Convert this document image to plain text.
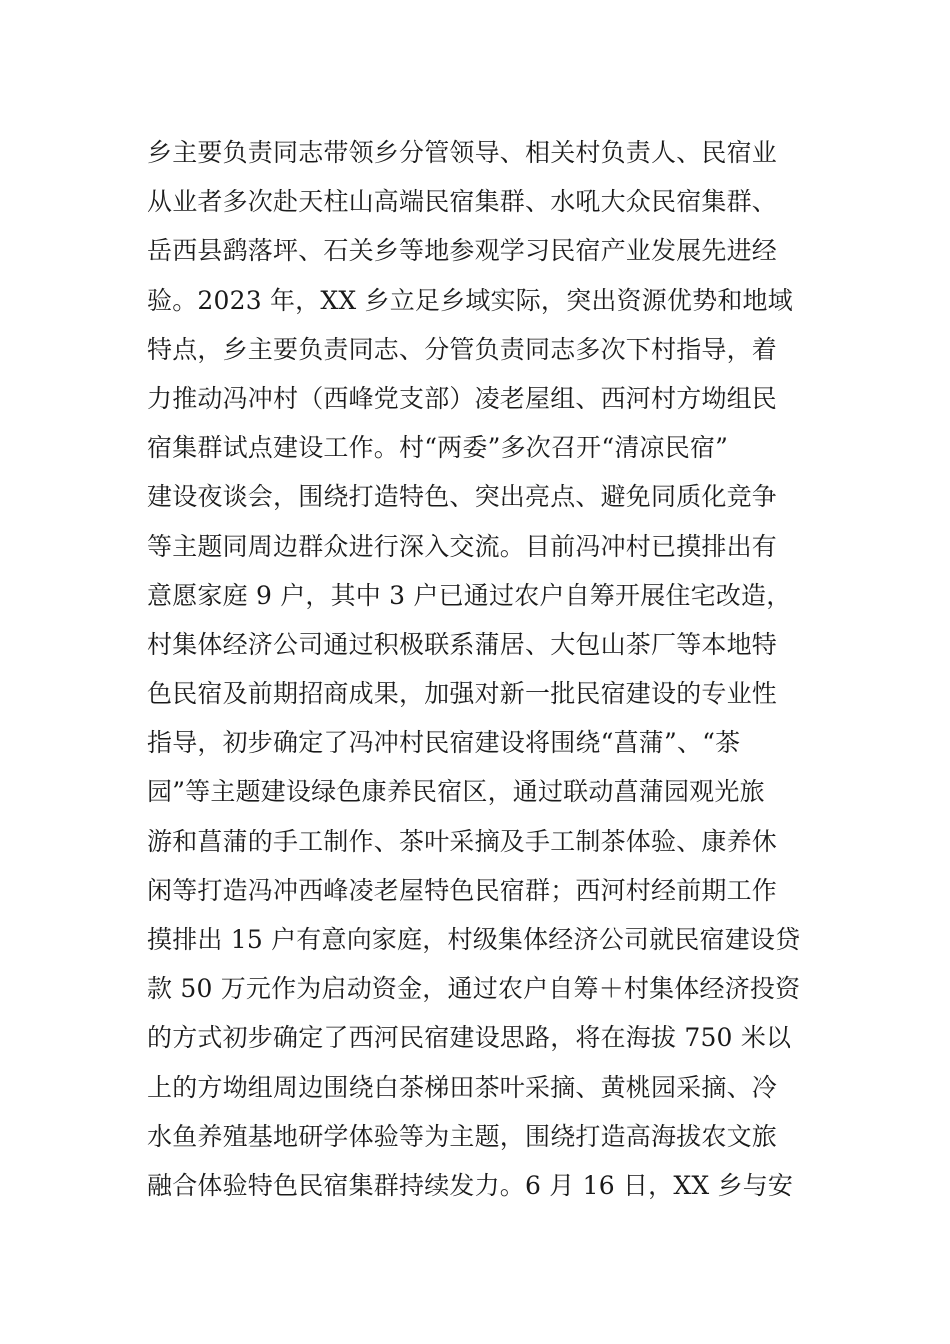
乡主要负责同志带领乡分管领导、相关村负责人、民宿业
从业者多次赴天柱山高端民宿集群、水吼大众民宿集群、
岳西县鹞落坪、石关乡等地参观学习民宿产业发展先进经
验。2023 年，XX 乡立足乡域实际，突出资源优势和地域
特点，乡主要负责同志、分管负责同志多次下村指导，着
力推动冯冲村（西峰党支部）凌老屋组、西河村方坳组民
宿集群试点建设工作。村“两委”多次召开“清凉民宿”
建设夜谈会，围绕打造特色、突出亮点、避免同质化竞争
等主题同周边群众进行深入交流。目前冯冲村已摸排出有
意愿家庭 9 户，其中 3 户已通过农户自筹开展住宅改造，
村集体经济公司通过积极联系蒲居、大包山茶厂等本地特
色民宿及前期招商成果，加强对新一批民宿建设的专业性
指导，初步确定了冯冲村民宿建设将围绕“菖蒲”、“茶
园”等主题建设绿色康养民宿区，通过联动菖蒲园观光旅
游和菖蒲的手工制作、茶叶采摘及手工制茶体验、康养休
闲等打造冯冲西峰凌老屋特色民宿群；西河村经前期工作
摸排出 15 户有意向家庭，村级集体经济公司就民宿建设贷
款 50 万元作为启动资金，通过农户自筹＋村集体经济投资
的方式初步确定了西河民宿建设思路，将在海拔 750 米以
上的方坳组周边围绕白茶梯田茶叶采摘、黄桃园采摘、冷
水鱼养殖基地研学体验等为主题，围绕打造高海拔农文旅
融合体验特色民宿集群持续发力。6 月 16 日，XX 乡与安
